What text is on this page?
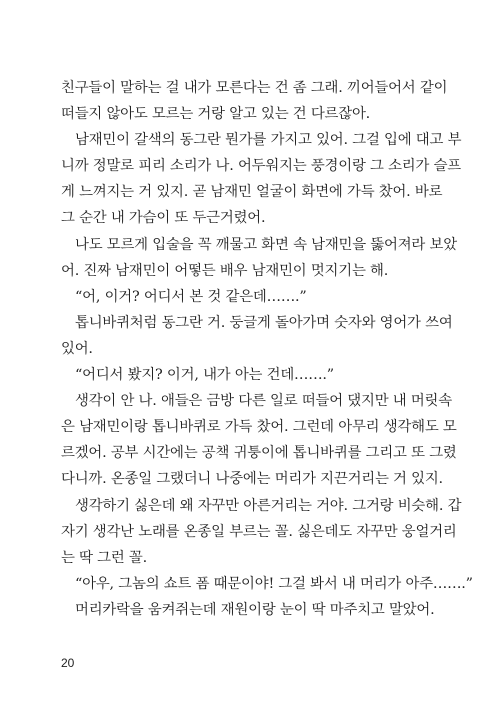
친구들이 말하는 걸 내가 모른다는 건 좀 그래. 끼어들어서 같이
떠들지 않아도 모르는 거랑 알고 있는 건 다르잖아.
남재민이 갈색의 동그란 뭔가를 가지고 있어. 그걸 입에 대고 부
니까 정말로 피리 소리가 나. 어두워지는 풍경이랑 그 소리가 슬프
게 느껴지는 거 있지. 곧 남재민 얼굴이 화면에 가득 찼어. 바로
그 순간 내 가슴이 또 두근거렸어.
나도 모르게 입술을 꼭 깨물고 화면 속 남재민을 뚫어져라 보았
어. 진짜 남재민이 어떻든 배우 남재민이 멋지기는 해.
“어, 이거? 어디서 본 것 같은데…….”
톱니바퀴처럼 동그란 거. 둥글게 돌아가며 숫자와 영어가 쓰여
있어.
“어디서 봤지? 이거, 내가 아는 건데…….”
생각이 안 나. 애들은 금방 다른 일로 떠들어 댔지만 내 머릿속
은 남재민이랑 톱니바퀴로 가득 찼어. 그런데 아무리 생각해도 모
르겠어. 공부 시간에는 공책 귀퉁이에 톱니바퀴를 그리고 또 그렸
다니까. 온종일 그랬더니 나중에는 머리가 지끈거리는 거 있지.
생각하기 싫은데 왜 자꾸만 아른거리는 거야. 그거랑 비슷해. 갑
자기 생각난 노래를 온종일 부르는 꼴. 싫은데도 자꾸만 웅얼거리
는 딱 그런 꼴.
“아우, 그놈의 쇼트 폼 때문이야! 그걸 봐서 내 머리가 아주…….”
머리카락을 움켜쥐는데 재원이랑 눈이 딱 마주치고 말았어.
20
